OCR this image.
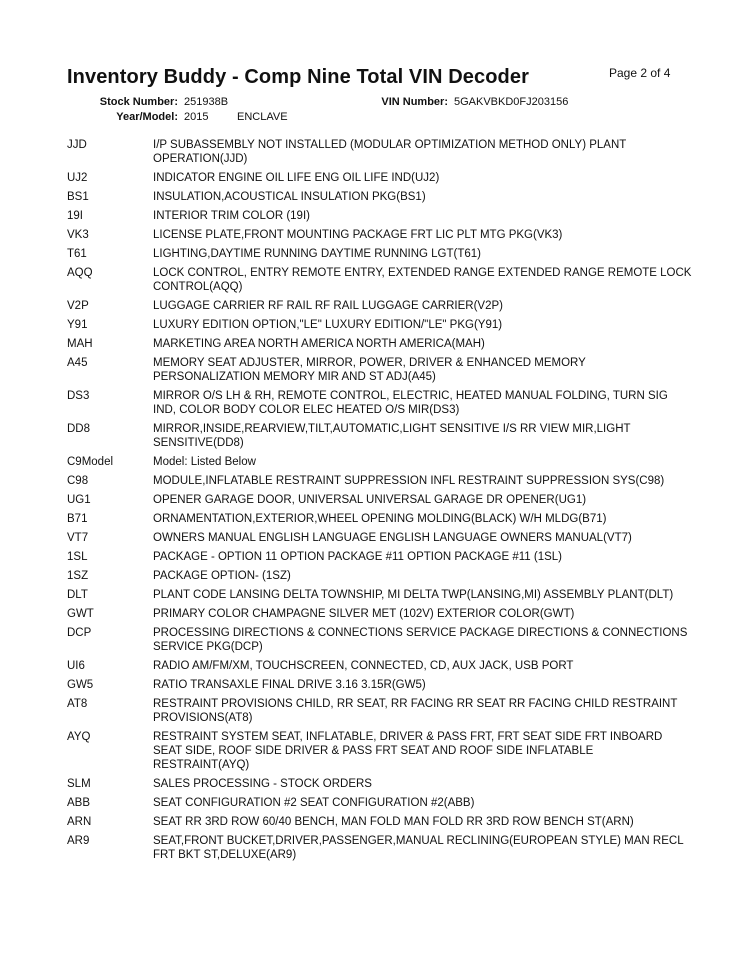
Inventory Buddy - Comp Nine Total VIN Decoder	Page 2 of 4
Stock Number: 251938B	VIN Number: 5GAKVBKD0FJ203156
Year/Model: 2015	ENCLAVE
JJD	I/P SUBASSEMBLY NOT INSTALLED (MODULAR OPTIMIZATION METHOD ONLY) PLANT OPERATION(JJD)
UJ2	INDICATOR ENGINE OIL LIFE ENG OIL LIFE IND(UJ2)
BS1	INSULATION,ACOUSTICAL INSULATION PKG(BS1)
19I	INTERIOR TRIM COLOR (19I)
VK3	LICENSE PLATE,FRONT MOUNTING PACKAGE FRT LIC PLT MTG PKG(VK3)
T61	LIGHTING,DAYTIME RUNNING DAYTIME RUNNING LGT(T61)
AQQ	LOCK CONTROL, ENTRY REMOTE ENTRY, EXTENDED RANGE EXTENDED RANGE REMOTE LOCK CONTROL(AQQ)
V2P	LUGGAGE CARRIER RF RAIL RF RAIL LUGGAGE CARRIER(V2P)
Y91	LUXURY EDITION OPTION,"LE" LUXURY EDITION/"LE" PKG(Y91)
MAH	MARKETING AREA NORTH AMERICA NORTH AMERICA(MAH)
A45	MEMORY SEAT ADJUSTER, MIRROR, POWER, DRIVER & ENHANCED MEMORY PERSONALIZATION MEMORY MIR AND ST ADJ(A45)
DS3	MIRROR O/S LH & RH, REMOTE CONTROL, ELECTRIC, HEATED MANUAL FOLDING, TURN SIG IND, COLOR BODY COLOR ELEC HEATED O/S MIR(DS3)
DD8	MIRROR,INSIDE,REARVIEW,TILT,AUTOMATIC,LIGHT SENSITIVE I/S RR VIEW MIR,LIGHT SENSITIVE(DD8)
C9Model	Model: Listed Below
C98	MODULE,INFLATABLE RESTRAINT SUPPRESSION INFL RESTRAINT SUPPRESSION SYS(C98)
UG1	OPENER GARAGE DOOR, UNIVERSAL UNIVERSAL GARAGE DR OPENER(UG1)
B71	ORNAMENTATION,EXTERIOR,WHEEL OPENING MOLDING(BLACK) W/H MLDG(B71)
VT7	OWNERS MANUAL ENGLISH LANGUAGE ENGLISH LANGUAGE OWNERS MANUAL(VT7)
1SL	PACKAGE - OPTION 11 OPTION PACKAGE #11 OPTION PACKAGE #11 (1SL)
1SZ	PACKAGE OPTION- (1SZ)
DLT	PLANT CODE LANSING DELTA TOWNSHIP, MI DELTA TWP(LANSING,MI) ASSEMBLY PLANT(DLT)
GWT	PRIMARY COLOR CHAMPAGNE SILVER MET (102V) EXTERIOR COLOR(GWT)
DCP	PROCESSING DIRECTIONS & CONNECTIONS SERVICE PACKAGE DIRECTIONS & CONNECTIONS SERVICE PKG(DCP)
UI6	RADIO AM/FM/XM, TOUCHSCREEN, CONNECTED, CD, AUX JACK, USB PORT
GW5	RATIO TRANSAXLE FINAL DRIVE 3.16 3.15R(GW5)
AT8	RESTRAINT PROVISIONS CHILD, RR SEAT, RR FACING RR SEAT RR FACING CHILD RESTRAINT PROVISIONS(AT8)
AYQ	RESTRAINT SYSTEM SEAT, INFLATABLE, DRIVER & PASS FRT, FRT SEAT SIDE FRT INBOARD SEAT SIDE, ROOF SIDE DRIVER & PASS FRT SEAT AND ROOF SIDE INFLATABLE RESTRAINT(AYQ)
SLM	SALES PROCESSING - STOCK ORDERS
ABB	SEAT CONFIGURATION #2 SEAT CONFIGURATION #2(ABB)
ARN	SEAT RR 3RD ROW 60/40 BENCH, MAN FOLD MAN FOLD RR 3RD ROW BENCH ST(ARN)
AR9	SEAT,FRONT BUCKET,DRIVER,PASSENGER,MANUAL RECLINING(EUROPEAN STYLE) MAN RECL FRT BKT ST,DELUXE(AR9)
